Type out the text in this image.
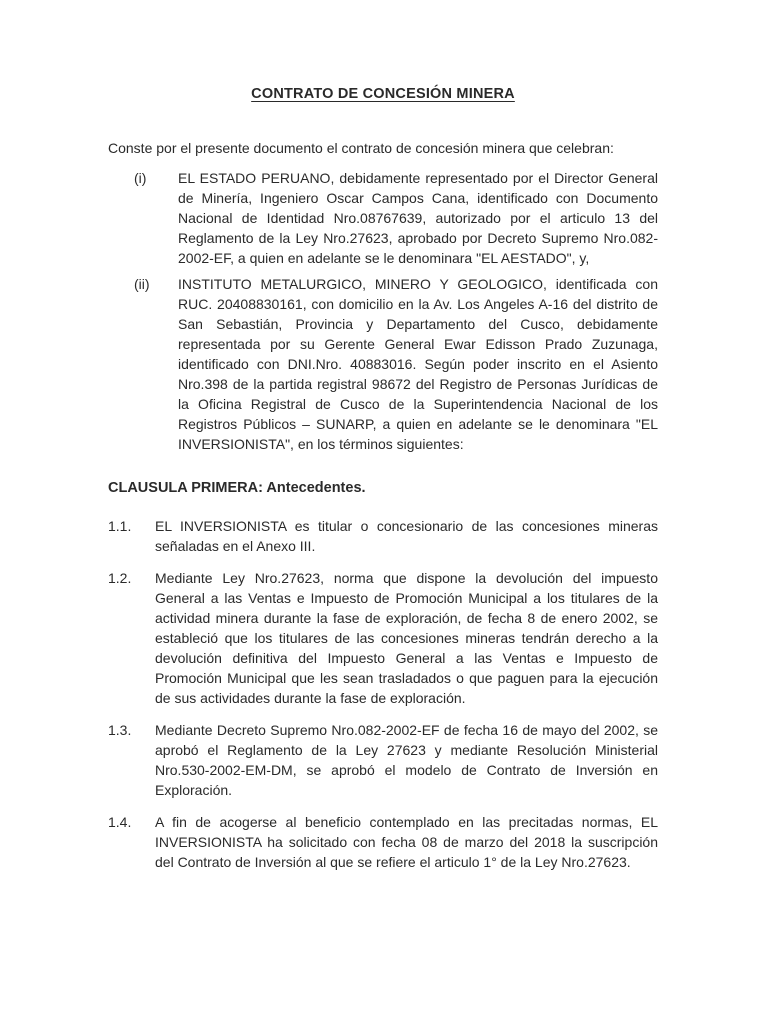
CONTRATO DE CONCESIÓN MINERA

Conste por el presente documento el contrato de concesión minera que celebran:

(i)	EL ESTADO PERUANO, debidamente representado por el Director General de Minería, Ingeniero Oscar Campos Cana, identificado con Documento Nacional de Identidad Nro.08767639, autorizado por el articulo 13 del Reglamento de la Ley Nro.27623, aprobado por Decreto Supremo Nro.082-2002-EF, a quien en adelante se le denominara "EL AESTADO", y,

(ii)	INSTITUTO METALURGICO, MINERO Y GEOLOGICO, identificada con RUC. 20408830161, con domicilio en la Av. Los Angeles A-16 del distrito de San Sebastián, Provincia y Departamento del Cusco, debidamente representada por su Gerente General Ewar Edisson Prado Zuzunaga, identificado con DNI.Nro. 40883016. Según poder inscrito en el Asiento Nro.398 de la partida registral 98672 del Registro de Personas Jurídicas de la Oficina Registral de Cusco de la Superintendencia Nacional de los Registros Públicos – SUNARP, a quien en adelante se le denominara "EL INVERSIONISTA", en los términos siguientes:

CLAUSULA PRIMERA: Antecedentes.
1.1.	EL INVERSIONISTA es titular o concesionario de las concesiones mineras señaladas en el Anexo III.

1.2.	Mediante Ley Nro.27623, norma que dispone la devolución del impuesto General a las Ventas e Impuesto de Promoción Municipal a los titulares de la actividad minera durante la fase de exploración, de fecha 8 de enero 2002, se estableció que los titulares de las concesiones mineras tendrán derecho a la devolución definitiva del Impuesto General a las Ventas e Impuesto de Promoción Municipal que les sean trasladados o que paguen para la ejecución de sus actividades durante la fase de exploración.

1.3.	Mediante Decreto Supremo Nro.082-2002-EF de fecha 16 de mayo del 2002, se aprobó el Reglamento de la Ley 27623 y mediante Resolución Ministerial Nro.530-2002-EM-DM, se aprobó el modelo de Contrato de Inversión en Exploración.

1.4.	A fin de acogerse al beneficio contemplado en las precitadas normas, EL INVERSIONISTA ha solicitado con fecha 08 de marzo del 2018 la suscripción del Contrato de Inversión al que se refiere el articulo 1° de la Ley Nro.27623.
